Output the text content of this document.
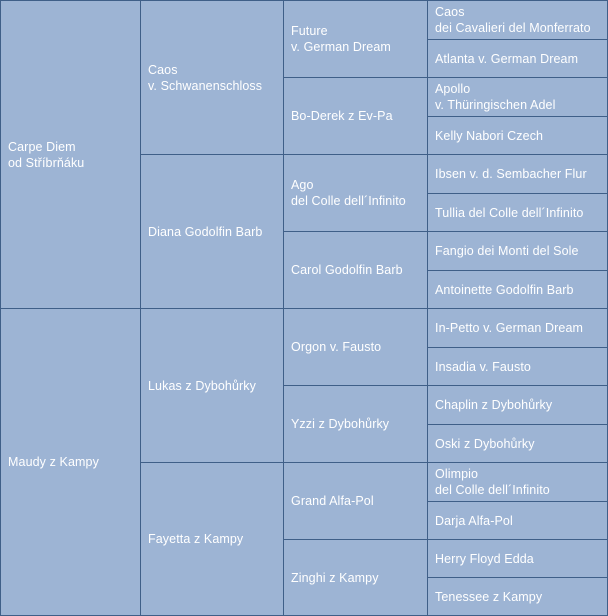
Carpe Diem
od Stříbrňáku
Maudy z Kampy
Caos
v. Schwanenschloss
Diana Godolfin Barb
Lukas z Dybohůrky
Fayetta z Kampy
Future
v. German Dream
Bo-Derek z Ev-Pa
Ago
del Colle dell´Infinito
Carol Godolfin Barb
Orgon v. Fausto
Yzzi z Dybohůrky
Grand Alfa-Pol
Zinghi z Kampy
Caos
dei Cavalieri del Monferrato
Atlanta v. German Dream
Apollo
v. Thüringischen Adel
Kelly Nabori Czech
Ibsen v. d. Sembacher Flur
Tullia del Colle dell´Infinito
Fangio dei Monti del Sole
Antoinette Godolfin Barb
In-Petto v. German Dream
Insadia v. Fausto
Chaplin z Dybohůrky
Oski z Dybohůrky
Olimpio
del Colle dell´Infinito
Darja Alfa-Pol
Herry Floyd Edda
Tenessee z Kampy
